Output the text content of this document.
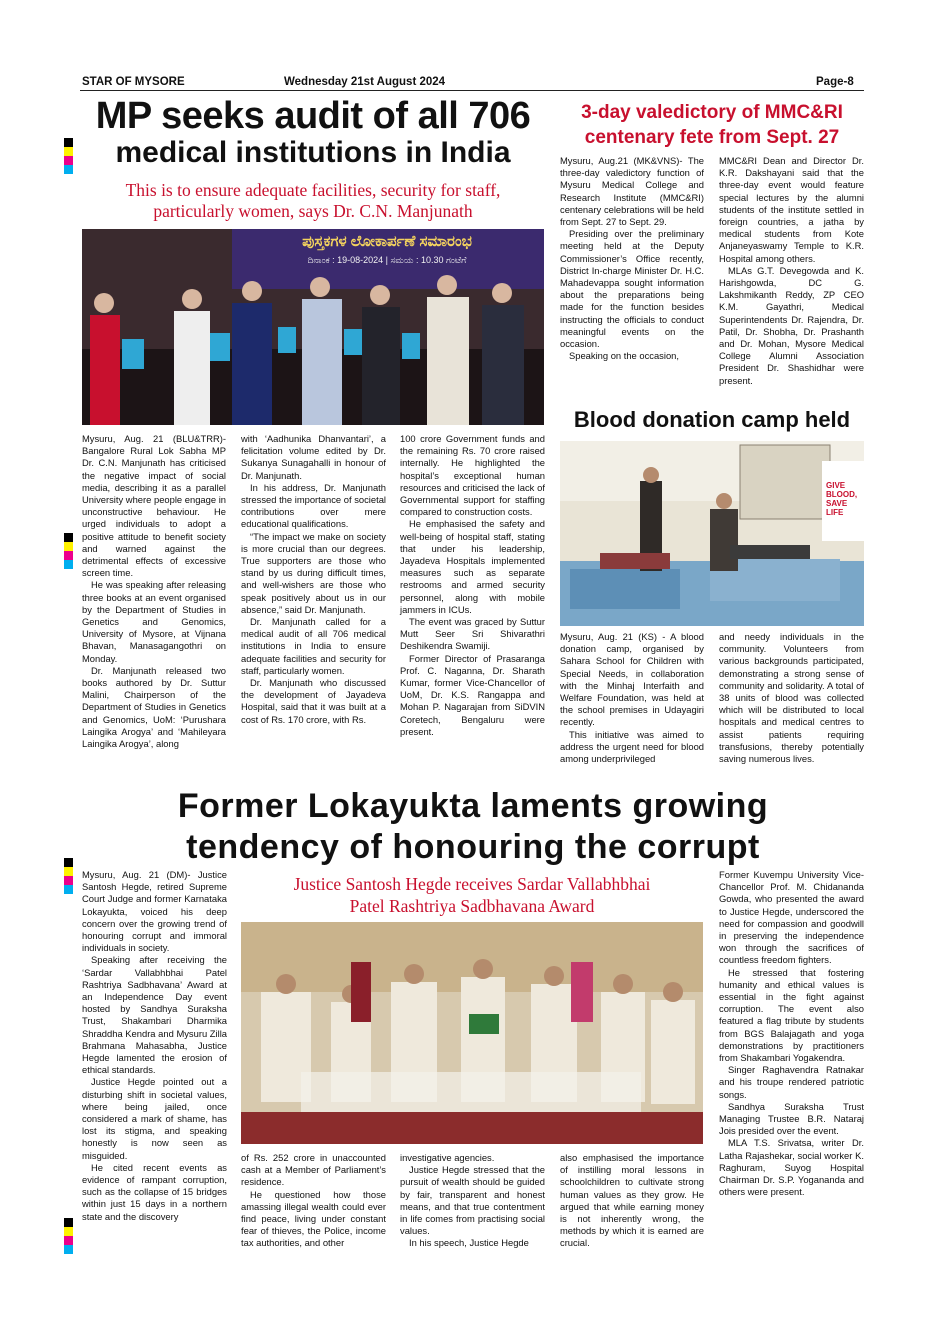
STAR OF MYSORE	Wednesday 21st August 2024	Page-8
MP seeks audit of all 706
medical institutions in India
This is to ensure adequate facilities, security for staff,
particularly women, says Dr. C.N. Manjunath
ಪುಸ್ತಕಗಳ ಲೋಕಾರ್ಪಣೆ ಸಮಾರಂಭ
ದಿನಾಂಕ : 19-08-2024 | ಸಮಯ : 10.30 ಗಂಟೆಗೆ

Mysuru, Aug. 21 (BLU&TRR)- Bangalore Rural Lok Sabha MP Dr. C.N. Manjunath has criticised the negative impact of social media, describing it as a parallel University where people engage in unconstructive behaviour. He urged individuals to adopt a positive attitude to benefit society and warned against the detrimental effects of excessive screen time.

He was speaking after releasing three books at an event organised by the Department of Studies in Genetics and Genomics, University of Mysore, at Vijnana Bhavan, Manasagangothri on Monday.

Dr. Manjunath released two books authored by Dr. Suttur Malini, Chairperson of the Department of Studies in Genetics and Genomics, UoM: ‘Purushara Laingika Arogya’ and ‘Mahileyara Laingika Arogya’, along

with ‘Aadhunika Dhanvantari’, a felicitation volume edited by Dr. Sukanya Sunagahalli in honour of Dr. Manjunath.

In his address, Dr. Manjunath stressed the importance of societal contributions over mere educational qualifications.

“The impact we make on society is more crucial than our degrees. True supporters are those who stand by us during difficult times, and well-wishers are those who speak positively about us in our absence,” said Dr. Manjunath.

Dr. Manjunath called for a medical audit of all 706 medical institutions in India to ensure adequate facilities and security for staff, particularly women.

Dr. Manjunath who discussed the development of Jayadeva Hospital, said that it was built at a cost of Rs. 170 crore, with Rs.

100 crore Government funds and the remaining Rs. 70 crore raised internally. He highlighted the hospital’s exceptional human resources and criticised the lack of Governmental support for staffing compared to construction costs.

He emphasised the safety and well-being of hospital staff, stating that under his leadership, Jayadeva Hospitals implemented measures such as separate restrooms and armed security personnel, along with mobile jammers in ICUs.

The event was graced by Suttur Mutt Seer Sri Shivarathri Deshikendra Swamiji.

Former Director of Prasaranga Prof. C. Naganna, Dr. Sharath Kumar, former Vice-Chancellor of UoM, Dr. K.S. Rangappa and Mohan P. Nagarajan from SiDVIN Coretech, Bengaluru were present.

3-day valedictory of MMC&RI
centenary fete from Sept. 27

Mysuru, Aug.21 (MK&VNS)- The three-day valedictory function of Mysuru Medical College and Research Institute (MMC&RI) centenary celebrations will be held from Sept. 27 to Sept. 29.

Presiding over the preliminary meeting held at the Deputy Commissioner’s Office recently, District In-charge Minister Dr. H.C. Mahadevappa sought information about the preparations being made for the function besides instructing the officials to conduct meaningful events on the occasion.

Speaking on the occasion,

MMC&RI Dean and Director Dr. K.R. Dakshayani said that the three-day event would feature special lectures by the alumni students of the institute settled in foreign countries, a jatha by medical students from Kote Anjaneyaswamy Temple to K.R. Hospital among others.

MLAs G.T. Devegowda and K. Harishgowda, DC G. Lakshmikanth Reddy, ZP CEO K.M. Gayathri, Medical Superintendents Dr. Rajendra, Dr. Patil, Dr. Shobha, Dr. Prashanth and Dr. Mohan, Mysore Medical College Alumni Association President Dr. Shashidhar were present.

Blood donation camp held
GIVE BLOOD, SAVE LIFE

Mysuru, Aug. 21 (KS) - A blood donation camp, organised by Sahara School for Children with Special Needs, in collaboration with the Minhaj Interfaith and Welfare Foundation, was held at the school premises in Udayagiri recently.

This initiative was aimed to address the urgent need for blood among underprivileged

and needy individuals in the community. Volunteers from various backgrounds participated, demonstrating a strong sense of community and solidarity. A total of 38 units of blood was collected which will be distributed to local hospitals and medical centres to assist patients requiring transfusions, thereby potentially saving numerous lives.

Former Lokayukta laments growing
tendency of honouring the corrupt
Justice Santosh Hegde receives Sardar Vallabhbhai
Patel Rashtriya Sadbhavana Award

Mysuru, Aug. 21 (DM)- Justice Santosh Hegde, retired Supreme Court Judge and former Karnataka Lokayukta, voiced his deep concern over the growing trend of honouring corrupt and immoral individuals in society.

Speaking after receiving the ‘Sardar Vallabhbhai Patel Rashtriya Sadbhavana’ Award at an Independence Day event hosted by Sandhya Suraksha Trust, Shakambari Dharmika Shraddha Kendra and Mysuru Zilla Brahmana Mahasabha, Justice Hegde lamented the erosion of ethical standards.

Justice Hegde pointed out a disturbing shift in societal values, where being jailed, once considered a mark of shame, has lost its stigma, and speaking honestly is now seen as misguided.

He cited recent events as evidence of rampant corruption, such as the collapse of 15 bridges within just 15 days in a northern state and the discovery

of Rs. 252 crore in unaccounted cash at a Member of Parliament’s residence.

He questioned how those amassing illegal wealth could ever find peace, living under constant fear of thieves, the Police, income tax authorities, and other

investigative agencies.

Justice Hegde stressed that the pursuit of wealth should be guided by fair, transparent and honest means, and that true contentment in life comes from practising social values.

In his speech, Justice Hegde

also emphasised the importance of instilling moral lessons in schoolchildren to cultivate strong human values as they grow. He argued that while earning money is not inherently wrong, the methods by which it is earned are crucial.

Former Kuvempu University Vice-Chancellor Prof. M. Chidananda Gowda, who presented the award to Justice Hegde, underscored the need for compassion and goodwill in preserving the independence won through the sacrifices of countless freedom fighters.

He stressed that fostering humanity and ethical values is essential in the fight against corruption. The event also featured a flag tribute by students from BGS Balajagath and yoga demonstrations by practitioners from Shakambari Yogakendra.

Singer Raghavendra Ratnakar and his troupe rendered patriotic songs.

Sandhya Suraksha Trust Managing Trustee B.R. Nataraj Jois presided over the event.

MLA T.S. Srivatsa, writer Dr. Latha Rajashekar, social worker K. Raghuram, Suyog Hospital Chairman Dr. S.P. Yogananda and others were present.
